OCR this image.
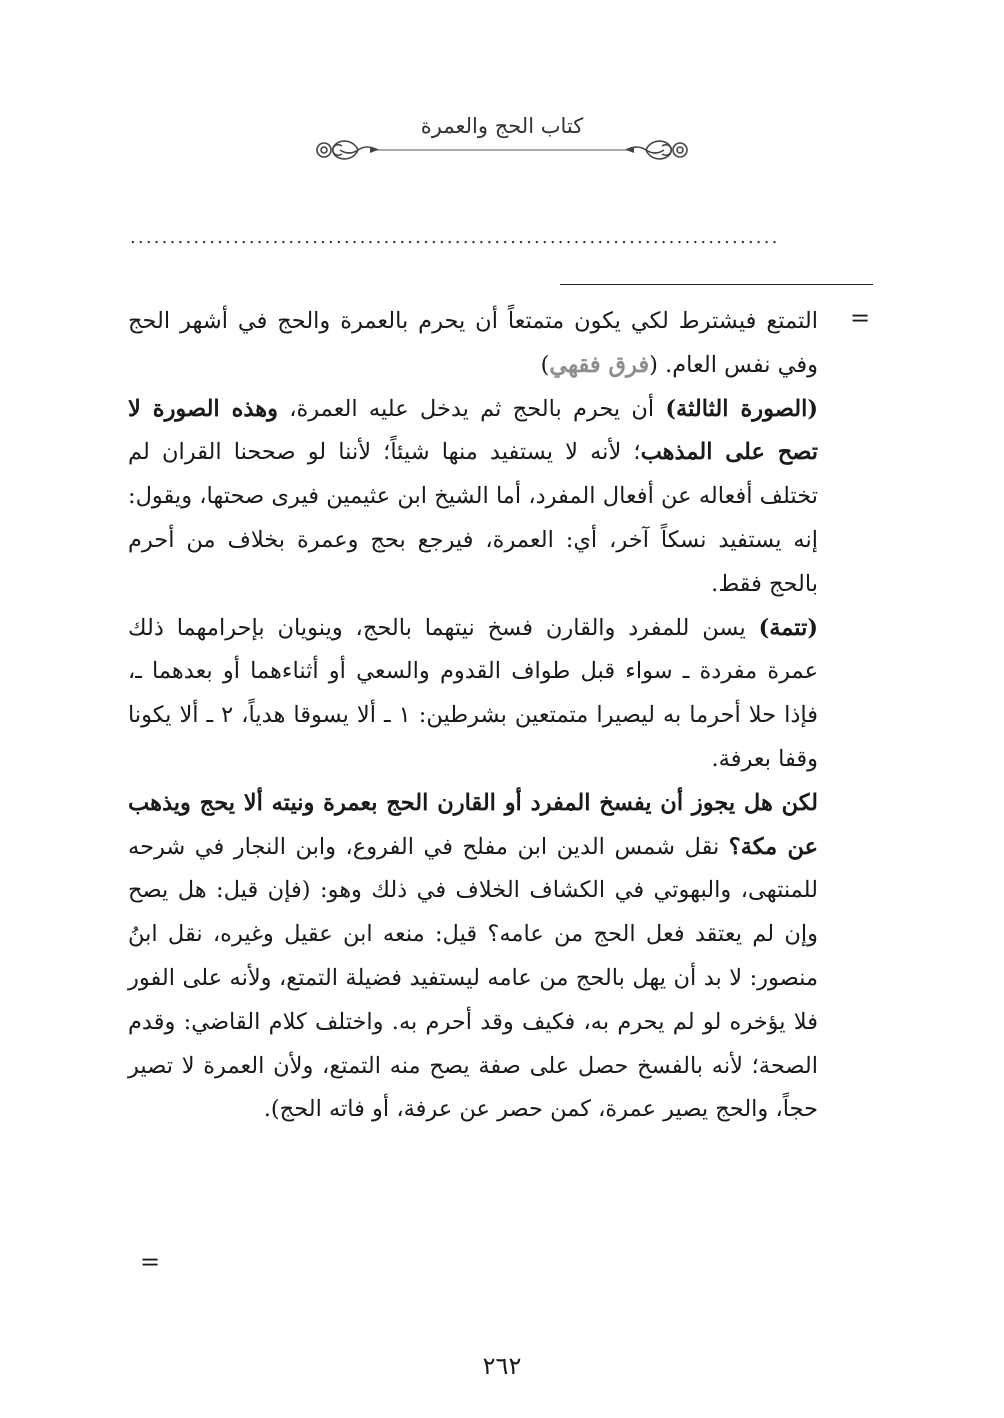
كتاب الحج والعمرة
..................................................................................
=

التمتع فيشترط لكي يكون متمتعاً أن يحرم بالعمرة والحج في أشهر الحج وفي نفس العام. (فرق فقهي)

(الصورة الثالثة) أن يحرم بالحج ثم يدخل عليه العمرة، وهذه الصورة لا تصح على المذهب؛ لأنه لا يستفيد منها شيئاً؛ لأننا لو صححنا القران لم تختلف أفعاله عن أفعال المفرد، أما الشيخ ابن عثيمين فيرى صحتها، ويقول: إنه يستفيد نسكاً آخر، أي: العمرة، فيرجع بحج وعمرة بخلاف من أحرم بالحج فقط.

(تتمة) يسن للمفرد والقارن فسخ نيتهما بالحج، وينويان بإحرامهما ذلك عمرة مفردة ـ سواء قبل طواف القدوم والسعي أو أثناءهما أو بعدهما ـ، فإذا حلا أحرما به ليصيرا متمتعين بشرطين: ١ ـ ألا يسوقا هدياً، ٢ ـ ألا يكونا وقفا بعرفة.

لكن هل يجوز أن يفسخ المفرد أو القارن الحج بعمرة ونيته ألا يحج ويذهب عن مكة؟ نقل شمس الدين ابن مفلح في الفروع، وابن النجار في شرحه للمنتهى، والبهوتي في الكشاف الخلاف في ذلك وهو: (فإن قيل: هل يصح وإن لم يعتقد فعل الحج من عامه؟ قيل: منعه ابن عقيل وغيره، نقل ابنُ منصور: لا بد أن يهل بالحج من عامه ليستفيد فضيلة التمتع، ولأنه على الفور فلا يؤخره لو لم يحرم به، فكيف وقد أحرم به. واختلف كلام القاضي: وقدم الصحة؛ لأنه بالفسخ حصل على صفة يصح منه التمتع، ولأن العمرة لا تصير حجاً، والحج يصير عمرة، كمن حصر عن عرفة، أو فاته الحج).

=
٢٦٢
